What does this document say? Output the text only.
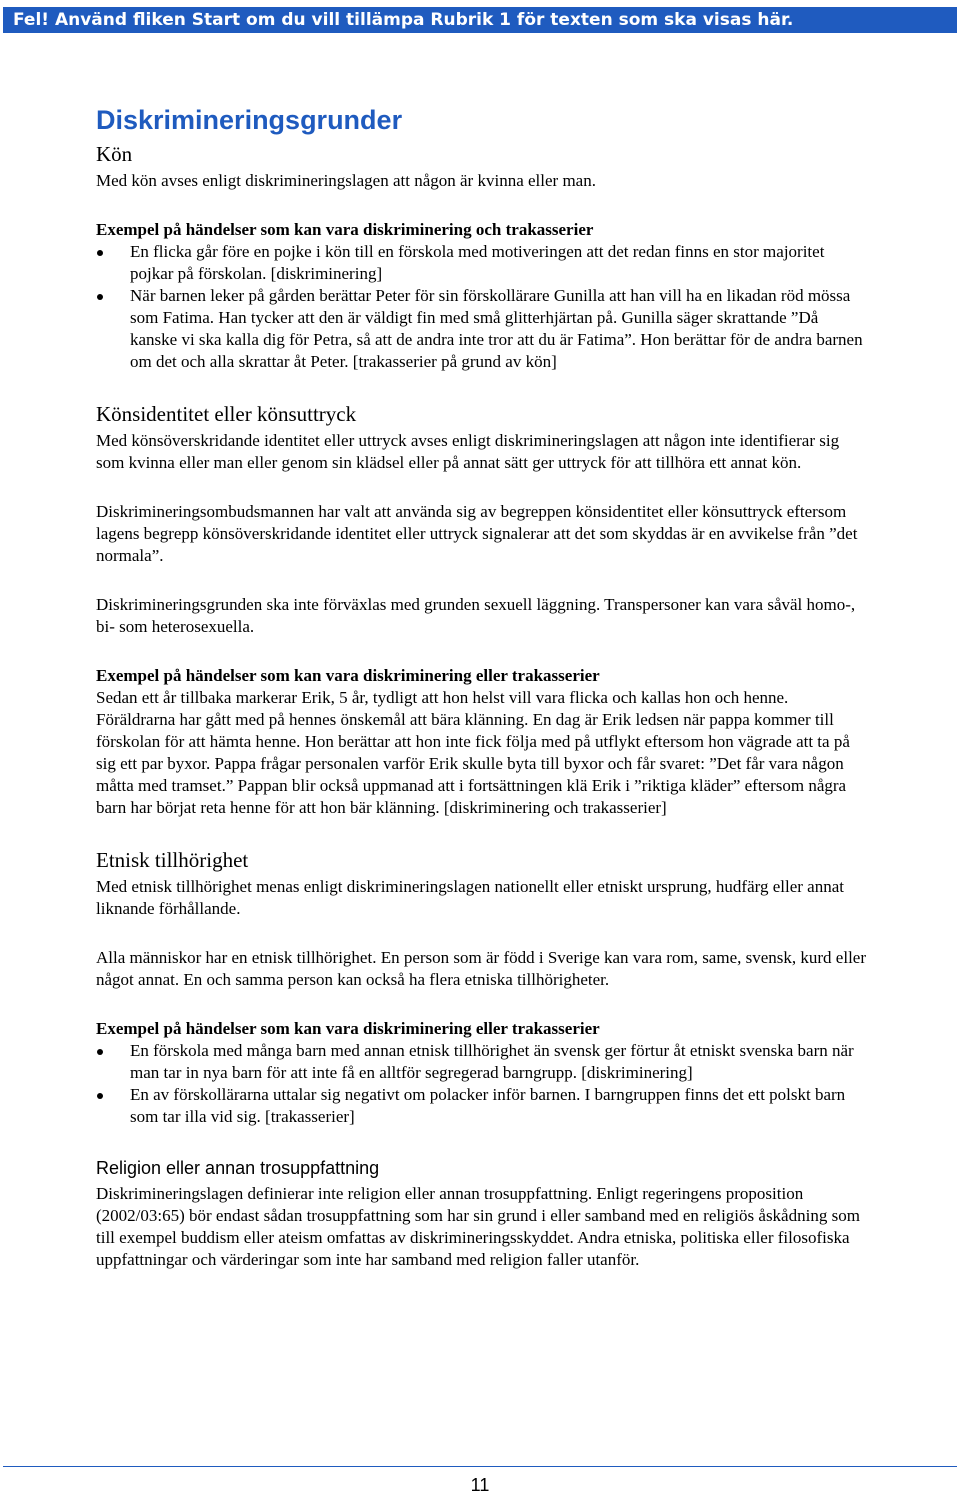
Fel! Använd fliken Start om du vill tillämpa Rubrik 1 för texten som ska visas här.
Diskrimineringsgrunder
Kön

Med kön avses enligt diskrimineringslagen att någon är kvinna eller man.

Exempel på händelser som kan vara diskriminering och trakasserier
En flicka går före en pojke i kön till en förskola med motiveringen att det redan finns en stor majoritet pojkar på förskolan. [diskriminering]
När barnen leker på gården berättar Peter för sin förskollärare Gunilla att han vill ha en likadan röd mössa som Fatima. Han tycker att den är väldigt fin med små glitterhjärtan på. Gunilla säger skrattande ”Då kanske vi ska kalla dig för Petra, så att de andra inte tror att du är Fatima”. Hon berättar för de andra barnen om det och alla skrattar åt Peter. [trakasserier på grund av kön]
Könsidentitet eller könsuttryck

Med könsöverskridande identitet eller uttryck avses enligt diskrimineringslagen att någon inte identifierar sig som kvinna eller man eller genom sin klädsel eller på annat sätt ger uttryck för att tillhöra ett annat kön.

Diskrimineringsombudsmannen har valt att använda sig av begreppen könsidentitet eller könsuttryck eftersom lagens begrepp könsöverskridande identitet eller uttryck signalerar att det som skyddas är en avvikelse från ”det normala”.

Diskrimineringsgrunden ska inte förväxlas med grunden sexuell läggning. Transpersoner kan vara såväl homo-, bi- som heterosexuella.

Exempel på händelser som kan vara diskriminering eller trakasserier

Sedan ett år tillbaka markerar Erik, 5 år, tydligt att hon helst vill vara flicka och kallas hon och henne. Föräldrarna har gått med på hennes önskemål att bära klänning. En dag är Erik ledsen när pappa kommer till förskolan för att hämta henne. Hon berättar att hon inte fick följa med på utflykt eftersom hon vägrade att ta på sig ett par byxor. Pappa frågar personalen varför Erik skulle byta till byxor och får svaret: ”Det får vara någon måtta med tramset.” Pappan blir också uppmanad att i fortsättningen klä Erik i ”riktiga kläder” eftersom några barn har börjat reta henne för att hon bär klänning. [diskriminering och trakasserier]

Etnisk tillhörighet

Med etnisk tillhörighet menas enligt diskrimineringslagen nationellt eller etniskt ursprung, hudfärg eller annat liknande förhållande.

Alla människor har en etnisk tillhörighet. En person som är född i Sverige kan vara rom, same, svensk, kurd eller något annat. En och samma person kan också ha flera etniska tillhörigheter.

Exempel på händelser som kan vara diskriminering eller trakasserier
En förskola med många barn med annan etnisk tillhörighet än svensk ger förtur åt etniskt svenska barn när man tar in nya barn för att inte få en alltför segregerad barngrupp. [diskriminering]
En av förskollärarna uttalar sig negativt om polacker inför barnen. I barngruppen finns det ett polskt barn som tar illa vid sig. [trakasserier]
Religion eller annan trosuppfattning

Diskrimineringslagen definierar inte religion eller annan trosuppfattning. Enligt regeringens proposition (2002/03:65) bör endast sådan trosuppfattning som har sin grund i eller samband med en religiös åskådning som till exempel buddism eller ateism omfattas av diskrimineringsskyddet. Andra etniska, politiska eller filosofiska uppfattningar och värderingar som inte har samband med religion faller utanför.

11
